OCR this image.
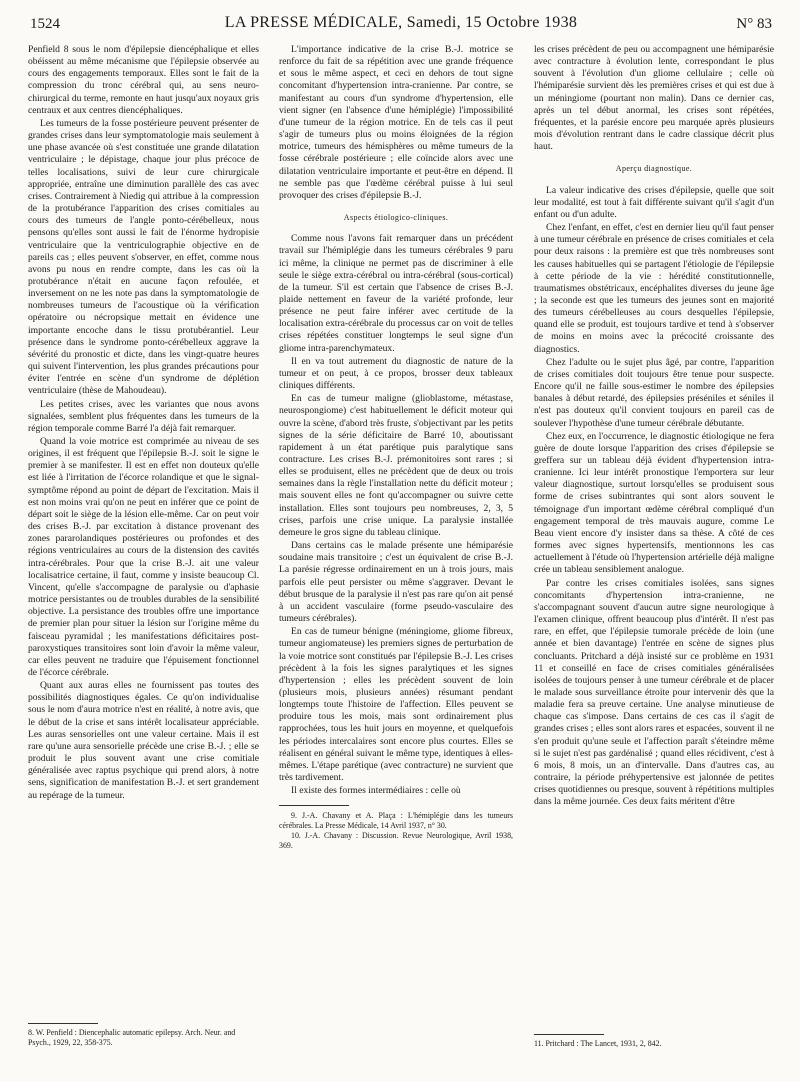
1524	LA PRESSE MÉDICALE, Samedi, 15 Octobre 1938	N° 83

Penfield 8 sous le nom d'épilepsie diencéphalique et elles obéissent au même mécanisme que l'épilepsie observée au cours des engagements temporaux. Elles sont le fait de la compression du tronc cérébral qui, au sens neuro-chirurgical du terme, remonte en haut jusqu'aux noyaux gris centraux et aux centres diencéphaliques.

Les tumeurs de la fosse postérieure peuvent présenter de grandes crises dans leur symptomatologie mais seulement à une phase avancée où s'est constituée une grande dilatation ventriculaire ; le dépistage, chaque jour plus précoce de telles localisations, suivi de leur cure chirurgicale appropriée, entraîne une diminution parallèle des cas avec crises. Contrairement à Niedig qui attribue à la compression de la protubérance l'apparition des crises comitiales au cours des tumeurs de l'angle ponto-cérébelleux, nous pensons qu'elles sont aussi le fait de l'énorme hydropisie ventriculaire que la ventriculographie objective en de pareils cas ; elles peuvent s'observer, en effet, comme nous avons pu nous en rendre compte, dans les cas où la protubérance n'était en aucune façon refoulée, et inversement on ne les note pas dans la symptomatologie de nombreuses tumeurs de l'acoustique où la vérification opératoire ou nécropsique mettait en évidence une importante encoche dans le tissu protubérantiel. Leur présence dans le syndrome ponto-cérébelleux aggrave la sévérité du pronostic et dicte, dans les vingt-quatre heures qui suivent l'intervention, les plus grandes précautions pour éviter l'entrée en scène d'un syndrome de déplétion ventriculaire (thèse de Mahoudeau).

Les petites crises, avec les variantes que nous avons signalées, semblent plus fréquentes dans les tumeurs de la région temporale comme Barré l'a déjà fait remarquer.

Quand la voie motrice est comprimée au niveau de ses origines, il est fréquent que l'épilepsie B.-J. soit le signe le premier à se manifester. Il est en effet non douteux qu'elle est liée à l'irritation de l'écorce rolandique et que le signal-symptôme répond au point de départ de l'excitation. Mais il est non moins vrai qu'on ne peut en inférer que ce point de départ soit le siège de la lésion elle-même. Car on peut voir des crises B.-J. par excitation à distance provenant des zones pararolandiques postérieures ou profondes et des régions ventriculaires au cours de la distension des cavités intra-cérébrales. Pour que la crise B.-J. ait une valeur localisatrice certaine, il faut, comme y insiste beaucoup Cl. Vincent, qu'elle s'accompagne de paralysie ou d'aphasie motrice persistantes ou de troubles durables de la sensibilité objective. La persistance des troubles offre une importance de premier plan pour situer la lésion sur l'origine même du faisceau pyramidal ; les manifestations déficitaires post-paroxystiques transitoires sont loin d'avoir la même valeur, car elles peuvent ne traduire que l'épuisement fonctionnel de l'écorce cérébrale.

Quant aux auras elles ne fournissent pas toutes des possibilités diagnostiques égales. Ce qu'on individualise sous le nom d'aura motrice n'est en réalité, à notre avis, que le début de la crise et sans intérêt localisateur appréciable. Les auras sensorielles ont une valeur certaine. Mais il est rare qu'une aura sensorielle précède une crise B.-J. ; elle se produit le plus souvent avant une crise comitiale généralisée avec raptus psychique qui prend alors, à notre sens, signification de manifestation B.-J. et sert grandement au repérage de la tumeur.

L'importance indicative de la crise B.-J. motrice se renforce du fait de sa répétition avec une grande fréquence et sous le même aspect, et ceci en dehors de tout signe concomitant d'hypertension intra-cranienne. Par contre, se manifestant au cours d'un syndrome d'hypertension, elle vient signer (en l'absence d'une hémiplégie) l'impossibilité d'une tumeur de la région motrice. En de tels cas il peut s'agir de tumeurs plus ou moins éloignées de la région motrice, tumeurs des hémisphères ou même tumeurs de la fosse cérébrale postérieure ; elle coïncide alors avec une dilatation ventriculaire importante et peut-être en dépend. Il ne semble pas que l'œdème cérébral puisse à lui seul provoquer des crises d'épilepsie B.-J.

Aspects étiologico-cliniques.

Comme nous l'avons fait remarquer dans un précédent travail sur l'hémiplégie dans les tumeurs cérébrales 9 paru ici même, la clinique ne permet pas de discriminer à elle seule le siège extra-cérébral ou intra-cérébral (sous-cortical) de la tumeur. S'il est certain que l'absence de crises B.-J. plaide nettement en faveur de la variété profonde, leur présence ne peut faire inférer avec certitude de la localisation extra-cérébrale du processus car on voit de telles crises répétées constituer longtemps le seul signe d'un gliome intra-parenchymateux.

Il en va tout autrement du diagnostic de nature de la tumeur et on peut, à ce propos, brosser deux tableaux cliniques différents.

En cas de tumeur maligne (glioblastome, métastase, neurospongiome) c'est habituellement le déficit moteur qui ouvre la scène, d'abord très fruste, s'objectivant par les petits signes de la série déficitaire de Barré 10, aboutissant rapidement à un état parétique puis paralytique sans contracture. Les crises B.-J. prémonitoires sont rares ; si elles se produisent, elles ne précèdent que de deux ou trois semaines dans la règle l'installation nette du déficit moteur ; mais souvent elles ne font qu'accompagner ou suivre cette installation. Elles sont toujours peu nombreuses, 2, 3, 5 crises, parfois une crise unique. La paralysie installée demeure le gros signe du tableau clinique.

Dans certains cas le malade présente une hémiparésie soudaine mais transitoire ; c'est un équivalent de crise B.-J. La parésie régresse ordinairement en un à trois jours, mais parfois elle peut persister ou même s'aggraver. Devant le début brusque de la paralysie il n'est pas rare qu'on ait pensé à un accident vasculaire (forme pseudo-vasculaire des tumeurs cérébrales).

En cas de tumeur bénigne (méningiome, gliome fibreux, tumeur angiomateuse) les premiers signes de perturbation de la voie motrice sont constitués par l'épilepsie B.-J. Les crises précèdent à la fois les signes paralytiques et les signes d'hypertension ; elles les précèdent souvent de loin (plusieurs mois, plusieurs années) résumant pendant longtemps toute l'histoire de l'affection. Elles peuvent se produire tous les mois, mais sont ordinairement plus rapprochées, tous les huit jours en moyenne, et quelquefois les périodes intercalaires sont encore plus courtes. Elles se réalisent en général suivant le même type, identiques à elles-mêmes. L'étape parétique (avec contracture) ne survient que très tardivement.

Il existe des formes intermédiaires : celle où

9. J.-A. Chavany et A. Plaça : L'hémiplégie dans les tumeurs cérébrales. La Presse Médicale, 14 Avril 1937, n° 30.

10. J.-A. Chavany : Discussion. Revue Neurologique, Avril 1938, 369.

les crises précèdent de peu ou accompagnent une hémiparésie avec contracture à évolution lente, correspondant le plus souvent à l'évolution d'un gliome cellulaire ; celle où l'hémiparésie survient dès les premières crises et qui est due à un méningiome (pourtant non malin). Dans ce dernier cas, après un tel début anormal, les crises sont répétées, fréquentes, et la parésie encore peu marquée après plusieurs mois d'évolution rentrant dans le cadre classique décrit plus haut.

Aperçu diagnostique.

La valeur indicative des crises d'épilepsie, quelle que soit leur modalité, est tout à fait différente suivant qu'il s'agit d'un enfant ou d'un adulte.

Chez l'enfant, en effet, c'est en dernier lieu qu'il faut penser à une tumeur cérébrale en présence de crises comitiales et cela pour deux raisons : la première est que très nombreuses sont les causes habituelles qui se partagent l'étiologie de l'épilepsie à cette période de la vie : hérédité constitutionnelle, traumatismes obstétricaux, encéphalites diverses du jeune âge ; la seconde est que les tumeurs des jeunes sont en majorité des tumeurs cérébelleuses au cours desquelles l'épilepsie, quand elle se produit, est toujours tardive et tend à s'observer de moins en moins avec la précocité croissante des diagnostics.

Chez l'adulte ou le sujet plus âgé, par contre, l'apparition de crises comitiales doit toujours être tenue pour suspecte. Encore qu'il ne faille sous-estimer le nombre des épilepsies banales à début retardé, des épilepsies préséniles et séniles il n'est pas douteux qu'il convient toujours en pareil cas de soulever l'hypothèse d'une tumeur cérébrale débutante.

Chez eux, en l'occurrence, le diagnostic étiologique ne fera guère de doute lorsque l'apparition des crises d'épilepsie se greffera sur un tableau déjà évident d'hypertension intra-cranienne. Ici leur intérêt pronostique l'emportera sur leur valeur diagnostique, surtout lorsqu'elles se produisent sous forme de crises subintrantes qui sont alors souvent le témoignage d'un important œdème cérébral compliqué d'un engagement temporal de très mauvais augure, comme Le Beau vient encore d'y insister dans sa thèse. A côté de ces formes avec signes hypertensifs, mentionnons les cas actuellement à l'étude où l'hypertension artérielle déjà maligne crée un tableau sensiblement analogue.

Par contre les crises comitiales isolées, sans signes concomitants d'hypertension intra-cranienne, ne s'accompagnant souvent d'aucun autre signe neurologique à l'examen clinique, offrent beaucoup plus d'intérêt. Il n'est pas rare, en effet, que l'épilepsie tumorale précède de loin (une année et bien davantage) l'entrée en scène de signes plus concluants. Pritchard a déjà insisté sur ce problème en 1931 11 et conseillé en face de crises comitiales généralisées isolées de toujours penser à une tumeur cérébrale et de placer le malade sous surveillance étroite pour intervenir dès que la maladie fera sa preuve certaine. Une analyse minutieuse de chaque cas s'impose. Dans certains de ces cas il s'agit de grandes crises ; elles sont alors rares et espacées, souvent il ne s'en produit qu'une seule et l'affection paraît s'éteindre même si le sujet n'est pas gardénalisé ; quand elles récidivent, c'est à 6 mois, 8 mois, un an d'intervalle. Dans d'autres cas, au contraire, la période préhypertensive est jalonnée de petites crises quotidiennes ou presque, souvent à répétitions multiples dans la même journée. Ces deux faits méritent d'être

8. W. Penfield : Diencephalic automatic epilepsy. Arch. Neur. and Psych., 1929, 22, 358-375.	11. Pritchard : The Lancet, 1931, 2, 842.
